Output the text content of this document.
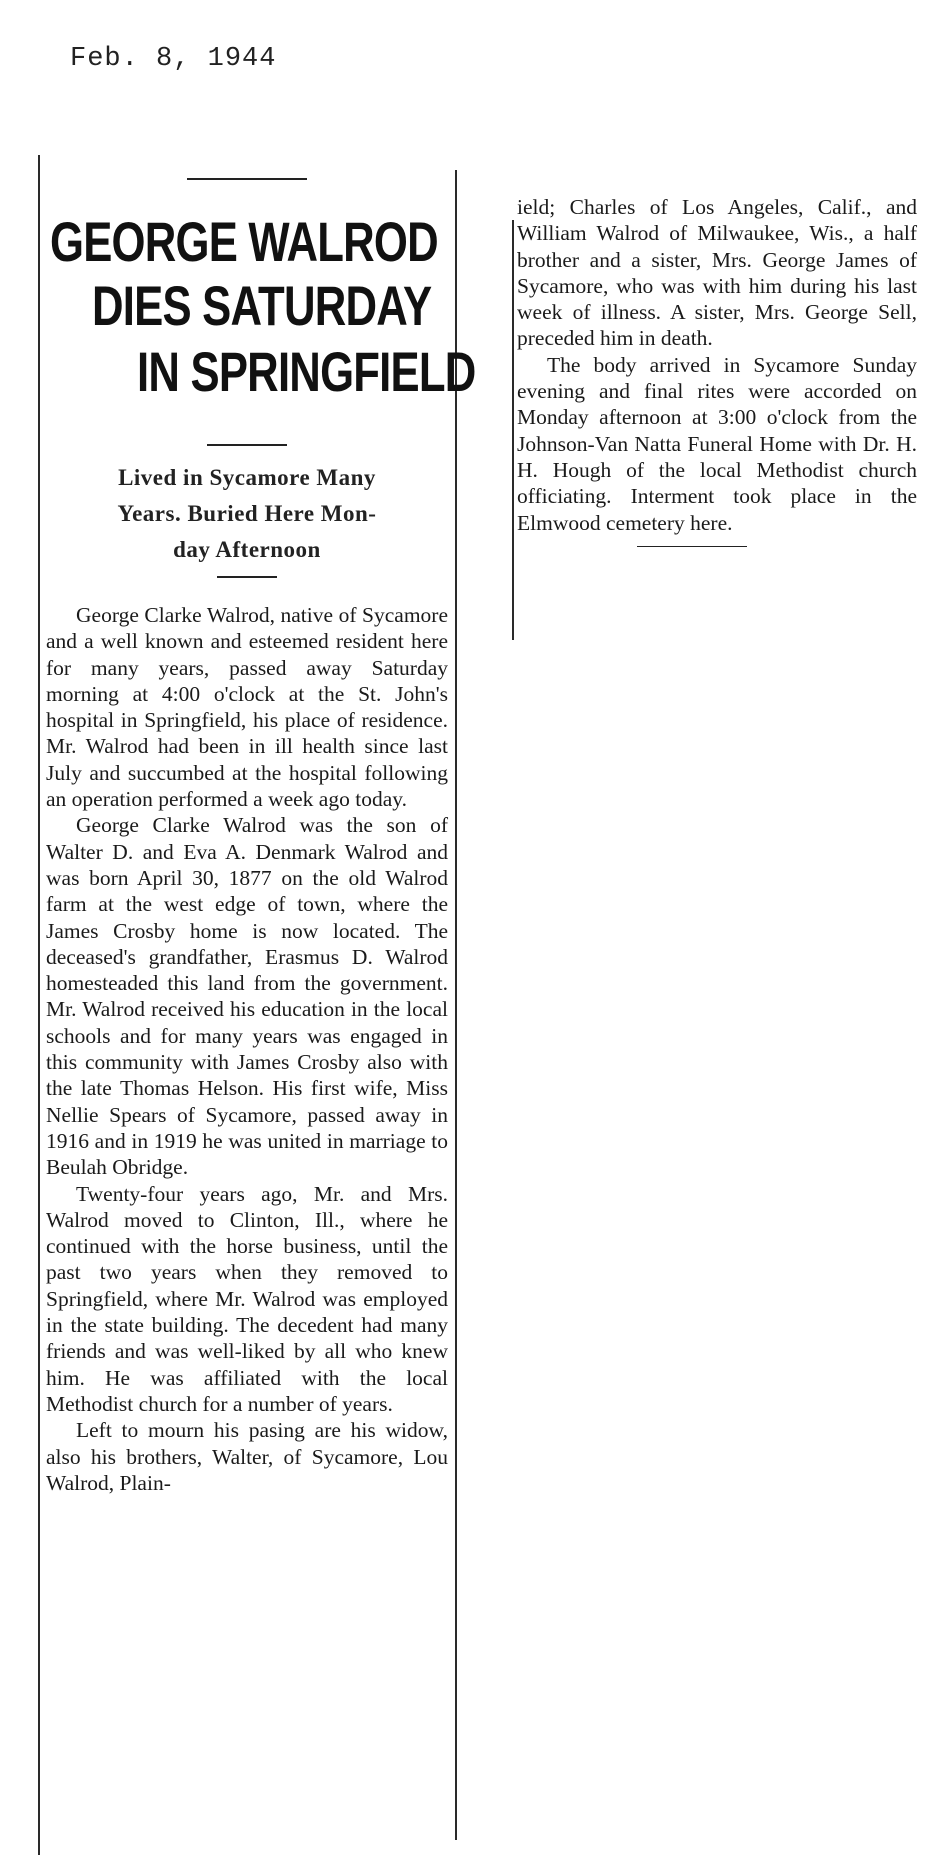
Feb. 8, 1944
GEORGE WALROD
DIES SATURDAY
IN SPRINGFIELD
Lived in Sycamore Many
Years. Buried Here Mon-
day Afternoon

George Clarke Walrod, native of Sycamore and a well known and esteemed resident here for many years, passed away Saturday morning at 4:00 o'clock at the St. John's hospital in Springfield, his place of residence. Mr. Walrod had been in ill health since last July and succumbed at the hospital following an operation performed a week ago today.

George Clarke Walrod was the son of Walter D. and Eva A. Denmark Walrod and was born April 30, 1877 on the old Walrod farm at the west edge of town, where the James Crosby home is now located. The deceased's grandfather, Erasmus D. Walrod homesteaded this land from the government. Mr. Walrod received his education in the local schools and for many years was engaged in this community with James Crosby also with the late Thomas Helson. His first wife, Miss Nellie Spears of Sycamore, passed away in 1916 and in 1919 he was united in marriage to Beulah Obridge.

Twenty-four years ago, Mr. and Mrs. Walrod moved to Clinton, Ill., where he continued with the horse business, until the past two years when they removed to Springfield, where Mr. Walrod was employed in the state building. The decedent had many friends and was well-liked by all who knew him. He was affiliated with the local Methodist church for a number of years.

Left to mourn his pasing are his widow, also his brothers, Walter, of Sycamore, Lou Walrod, Plain-

ield; Charles of Los Angeles, Calif., and William Walrod of Milwaukee, Wis., a half brother and a sister, Mrs. George James of Sycamore, who was with him during his last week of illness. A sister, Mrs. George Sell, preceded him in death.

The body arrived in Sycamore Sunday evening and final rites were accorded on Monday afternoon at 3:00 o'clock from the Johnson-Van Natta Funeral Home with Dr. H. H. Hough of the local Methodist church officiating. Interment took place in the Elmwood cemetery here.
